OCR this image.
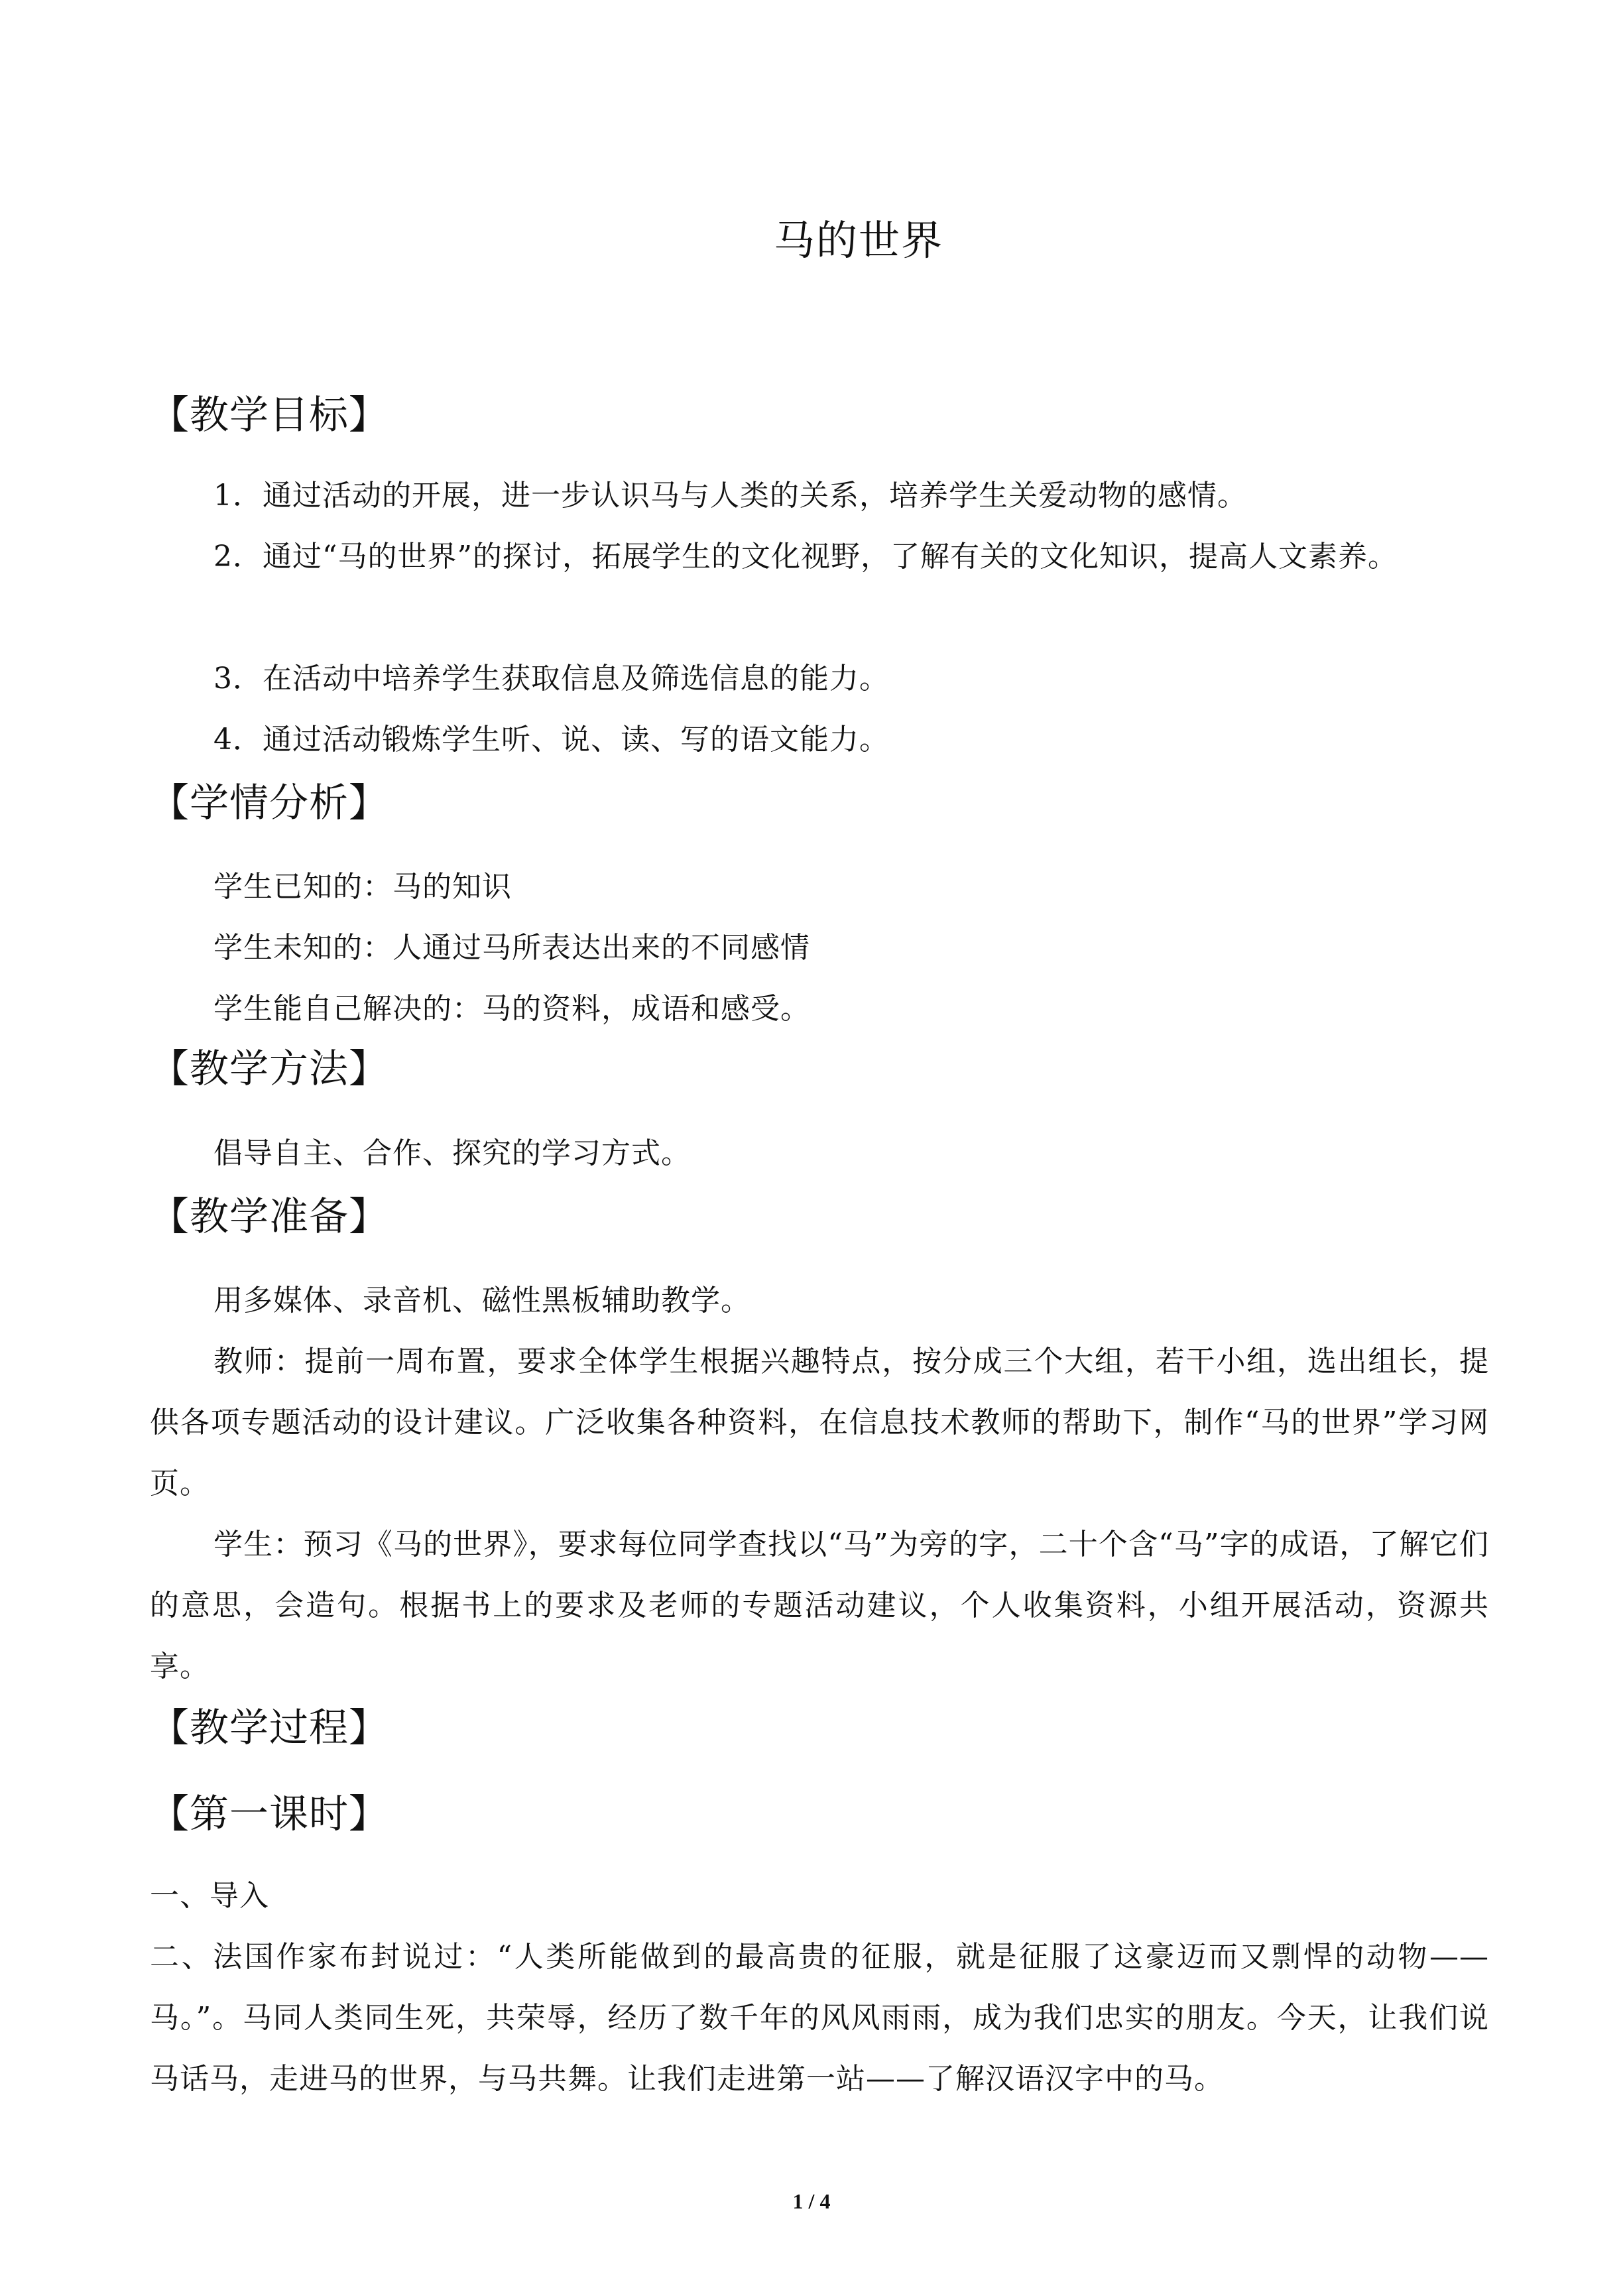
马的世界
【教学目标】
1．通过活动的开展，进一步认识马与人类的关系，培养学生关爱动物的感情。
2．通过“马的世界”的探讨，拓展学生的文化视野，了解有关的文化知识，提高人文素养。
3．在活动中培养学生获取信息及筛选信息的能力。
4．通过活动锻炼学生听、说、读、写的语文能力。
【学情分析】
学生已知的：马的知识
学生未知的：人通过马所表达出来的不同感情
学生能自己解决的：马的资料，成语和感受。
【教学方法】
倡导自主、合作、探究的学习方式。
【教学准备】
用多媒体、录音机、磁性黑板辅助教学。
教师：提前一周布置，要求全体学生根据兴趣特点，按分成三个大组，若干小组，选出组长，提供各项专题活动的设计建议。广泛收集各种资料，在信息技术教师的帮助下，制作“马的世界”学习网页。
学生：预习《马的世界》，要求每位同学查找以“马”为旁的字，二十个含“马”字的成语，了解它们的意思，会造句。根据书上的要求及老师的专题活动建议，个人收集资料，小组开展活动，资源共享。
【教学过程】
【第一课时】
一、导入
二、法国作家布封说过：“人类所能做到的最高贵的征服，就是征服了这豪迈而又剽悍的动物——马。”。马同人类同生死，共荣辱，经历了数千年的风风雨雨，成为我们忠实的朋友。今天，让我们说马话马，走进马的世界，与马共舞。让我们走进第一站——了解汉语汉字中的马。
1 / 4
